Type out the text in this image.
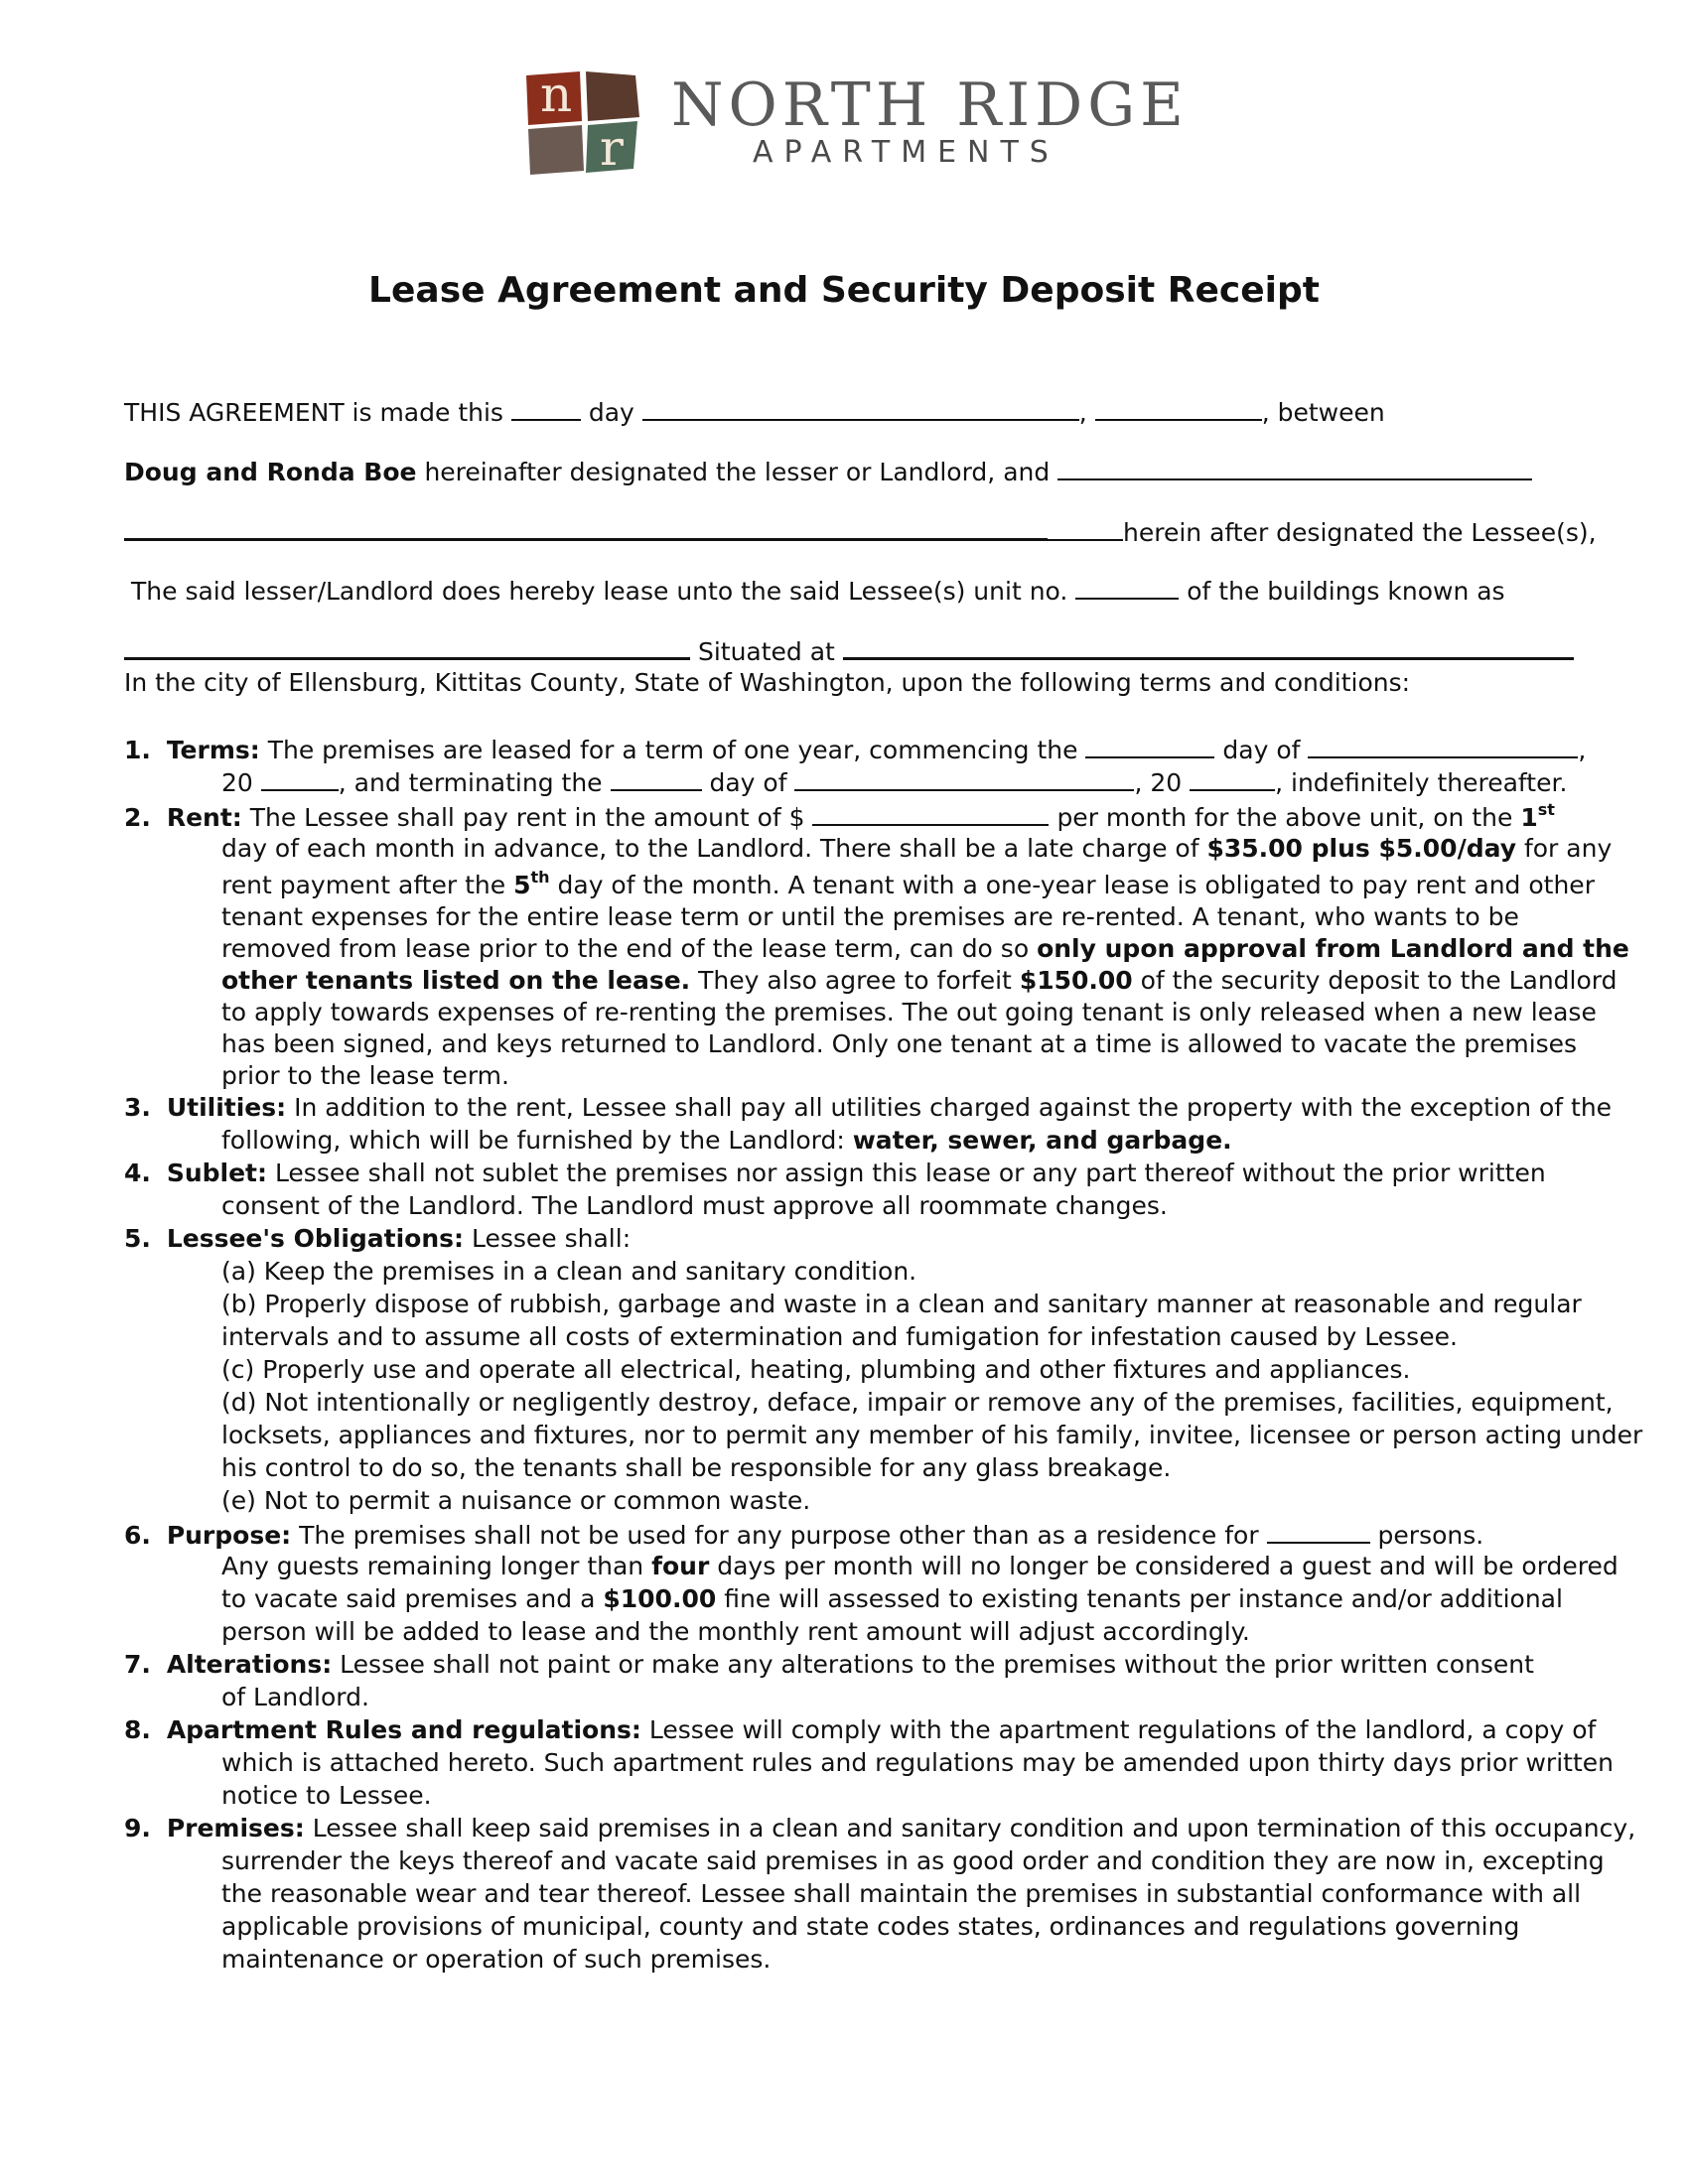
n
r
NORTH RIDGE
APARTMENTS
Lease Agreement and Security Deposit Receipt
THIS AGREEMENT is made this	day	,	, between
Doug and Ronda Boe hereinafter designated the lesser or Landlord, and
herein after designated the Lessee(s),
The said lesser/Landlord does hereby lease unto the said Lessee(s) unit no.	of the buildings known as
Situated at
In the city of Ellensburg, Kittitas County, State of Washington, upon the following terms and conditions:
1. Terms: The premises are leased for a term of one year, commencing the	day of	,
20	, and terminating the	day of	, 20	, indefinitely thereafter.
2. Rent: The Lessee shall pay rent in the amount of $	per month for the above unit, on the 1st
day of each month in advance, to the Landlord. There shall be a late charge of $35.00 plus $5.00/day for any
rent payment after the 5th day of the month. A tenant with a one-year lease is obligated to pay rent and other
tenant expenses for the entire lease term or until the premises are re-rented. A tenant, who wants to be
removed from lease prior to the end of the lease term, can do so only upon approval from Landlord and the
other tenants listed on the lease. They also agree to forfeit $150.00 of the security deposit to the Landlord
to apply towards expenses of re-renting the premises. The out going tenant is only released when a new lease
has been signed, and keys returned to Landlord. Only one tenant at a time is allowed to vacate the premises
prior to the lease term.
3. Utilities: In addition to the rent, Lessee shall pay all utilities charged against the property with the exception of the
following, which will be furnished by the Landlord: water, sewer, and garbage.
4. Sublet: Lessee shall not sublet the premises nor assign this lease or any part thereof without the prior written
consent of the Landlord. The Landlord must approve all roommate changes.
5. Lessee's Obligations: Lessee shall:
(a) Keep the premises in a clean and sanitary condition.
(b) Properly dispose of rubbish, garbage and waste in a clean and sanitary manner at reasonable and regular
intervals and to assume all costs of extermination and fumigation for infestation caused by Lessee.
(c) Properly use and operate all electrical, heating, plumbing and other fixtures and appliances.
(d) Not intentionally or negligently destroy, deface, impair or remove any of the premises, facilities, equipment,
locksets, appliances and fixtures, nor to permit any member of his family, invitee, licensee or person acting under
his control to do so, the tenants shall be responsible for any glass breakage.
(e) Not to permit a nuisance or common waste.
6. Purpose: The premises shall not be used for any purpose other than as a residence for	persons.
Any guests remaining longer than four days per month will no longer be considered a guest and will be ordered
to vacate said premises and a $100.00 fine will assessed to existing tenants per instance and/or additional
person will be added to lease and the monthly rent amount will adjust accordingly.
7. Alterations: Lessee shall not paint or make any alterations to the premises without the prior written consent
of Landlord.
8. Apartment Rules and regulations: Lessee will comply with the apartment regulations of the landlord, a copy of
which is attached hereto. Such apartment rules and regulations may be amended upon thirty days prior written
notice to Lessee.
9. Premises: Lessee shall keep said premises in a clean and sanitary condition and upon termination of this occupancy,
surrender the keys thereof and vacate said premises in as good order and condition they are now in, excepting
the reasonable wear and tear thereof. Lessee shall maintain the premises in substantial conformance with all
applicable provisions of municipal, county and state codes states, ordinances and regulations governing
maintenance or operation of such premises.
